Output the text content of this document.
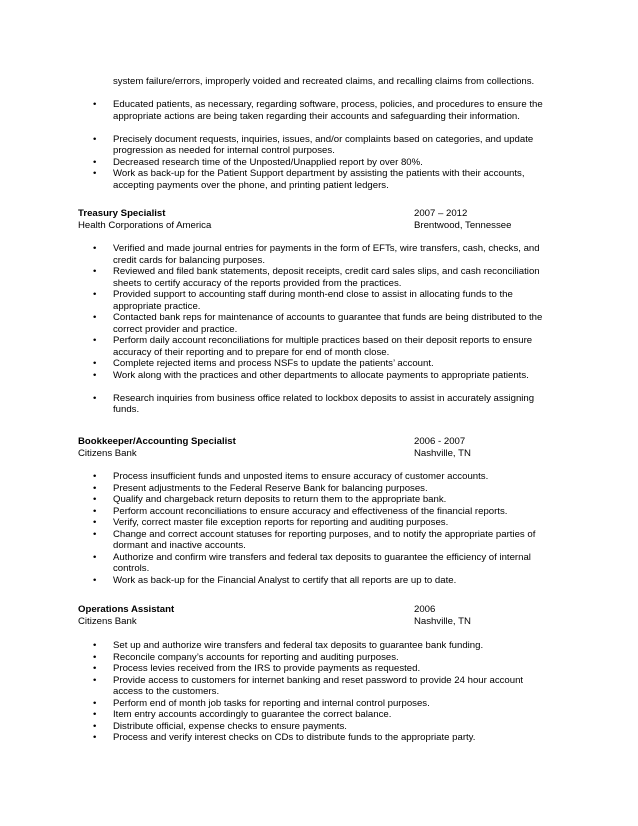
system failure/errors, improperly voided and recreated claims, and recalling claims from collections.
• Educated patients, as necessary, regarding software, process, policies, and procedures to ensure the appropriate actions are being taken regarding their accounts and safeguarding their information.
• Precisely document requests, inquiries, issues, and/or complaints based on categories, and update progression as needed for internal control purposes.
• Decreased research time of the Unposted/Unapplied report by over 80%.
• Work as back-up for the Patient Support department by assisting the patients with their accounts, accepting payments over the phone, and printing patient ledgers.
Treasury Specialist	2007 – 2012
Health Corporations of America	Brentwood, Tennessee
• Verified and made journal entries for payments in the form of EFTs, wire transfers, cash, checks, and credit cards for balancing purposes.
• Reviewed and filed bank statements, deposit receipts, credit card sales slips, and cash reconciliation sheets to certify accuracy of the reports provided from the practices.
• Provided support to accounting staff during month-end close to assist in allocating funds to the appropriate practice.
• Contacted bank reps for maintenance of accounts to guarantee that funds are being distributed to the correct provider and practice.
• Perform daily account reconciliations for multiple practices based on their deposit reports to ensure accuracy of their reporting and to prepare for end of month close.
• Complete rejected items and process NSFs to update the patients’ account.
• Work along with the practices and other departments to allocate payments to appropriate patients.
• Research inquiries from business office related to lockbox deposits to assist in accurately assigning funds.
Bookkeeper/Accounting Specialist	2006 - 2007
Citizens Bank	Nashville, TN
• Process insufficient funds and unposted items to ensure accuracy of customer accounts.
• Present adjustments to the Federal Reserve Bank for balancing purposes.
• Qualify and chargeback return deposits to return them to the appropriate bank.
• Perform account reconciliations to ensure accuracy and effectiveness of the financial reports.
• Verify, correct master file exception reports for reporting and auditing purposes.
• Change and correct account statuses for reporting purposes, and to notify the appropriate parties of dormant and inactive accounts.
• Authorize and confirm wire transfers and federal tax deposits to guarantee the efficiency of internal controls.
• Work as back-up for the Financial Analyst to certify that all reports are up to date.
Operations Assistant	2006
Citizens Bank	Nashville, TN
• Set up and authorize wire transfers and federal tax deposits to guarantee bank funding.
• Reconcile company’s accounts for reporting and auditing purposes.
• Process levies received from the IRS to provide payments as requested.
• Provide access to customers for internet banking and reset password to provide 24 hour account access to the customers.
• Perform end of month job tasks for reporting and internal control purposes.
• Item entry accounts accordingly to guarantee the correct balance.
• Distribute official, expense checks to ensure payments.
• Process and verify interest checks on CDs to distribute funds to the appropriate party.
